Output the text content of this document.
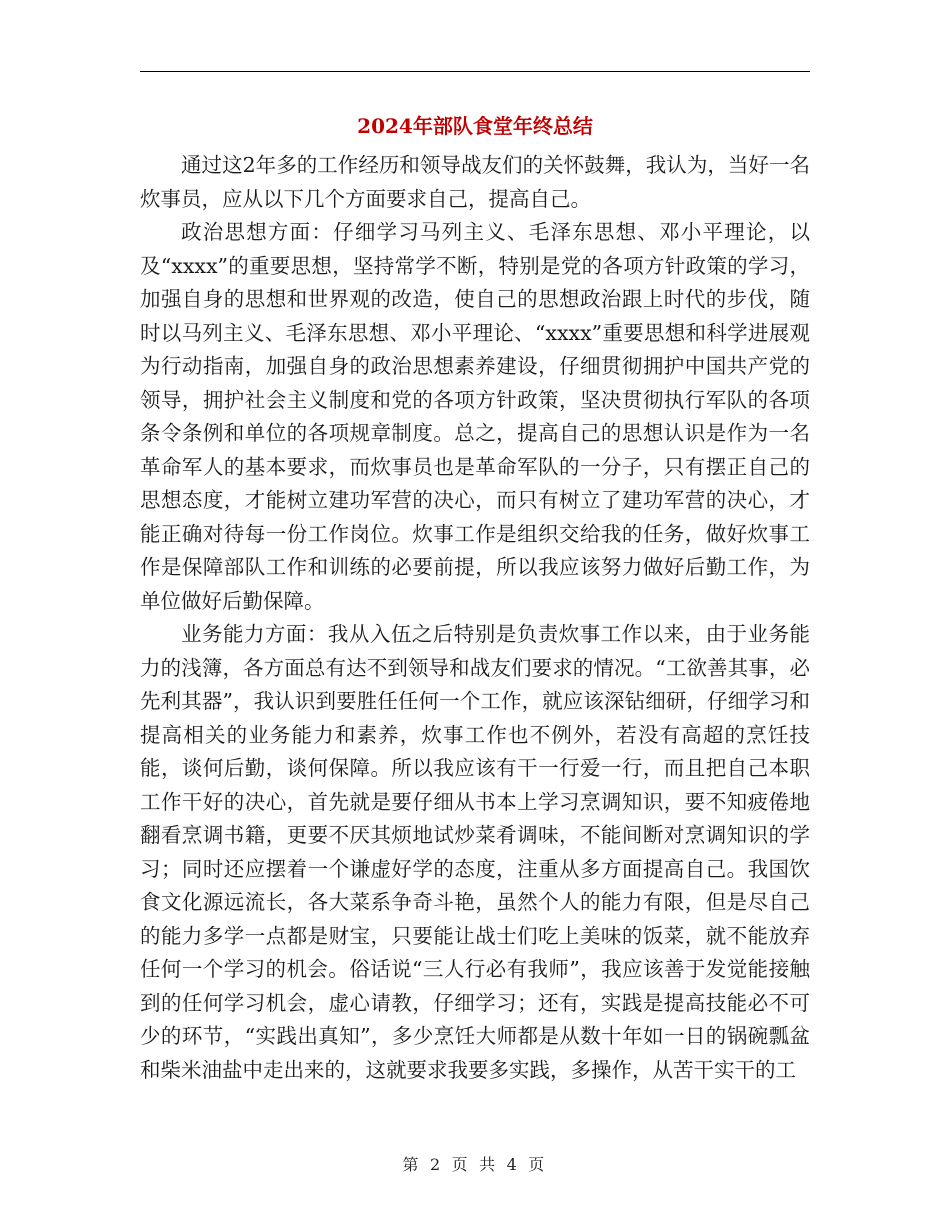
2024年部队食堂年终总结

通过这2年多的工作经历和领导战友们的关怀鼓舞，我认为，当好一名炊事员，应从以下几个方面要求自己，提高自己。

政治思想方面：仔细学习马列主义、毛泽东思想、邓小平理论，以及“xxxx”的重要思想，坚持常学不断，特别是党的各项方针政策的学习，加强自身的思想和世界观的改造，使自己的思想政治跟上时代的步伐，随时以马列主义、毛泽东思想、邓小平理论、“xxxx”重要思想和科学进展观为行动指南，加强自身的政治思想素养建设，仔细贯彻拥护中国共产党的领导，拥护社会主义制度和党的各项方针政策，坚决贯彻执行军队的各项条令条例和单位的各项规章制度。总之，提高自己的思想认识是作为一名革命军人的基本要求，而炊事员也是革命军队的一分子，只有摆正自己的思想态度，才能树立建功军营的决心，而只有树立了建功军营的决心，才能正确对待每一份工作岗位。炊事工作是组织交给我的任务，做好炊事工作是保障部队工作和训练的必要前提，所以我应该努力做好后勤工作，为单位做好后勤保障。

业务能力方面：我从入伍之后特别是负责炊事工作以来，由于业务能力的浅簿，各方面总有达不到领导和战友们要求的情况。“工欲善其事，必先利其器”，我认识到要胜任任何一个工作，就应该深钻细研，仔细学习和提高相关的业务能力和素养，炊事工作也不例外，若没有高超的烹饪技能，谈何后勤，谈何保障。所以我应该有干一行爱一行，而且把自己本职工作干好的决心，首先就是要仔细从书本上学习烹调知识，要不知疲倦地翻看烹调书籍，更要不厌其烦地试炒菜肴调味，不能间断对烹调知识的学习；同时还应摆着一个谦虚好学的态度，注重从多方面提高自己。我国饮食文化源远流长，各大菜系争奇斗艳，虽然个人的能力有限，但是尽自己的能力多学一点都是财宝，只要能让战士们吃上美味的饭菜，就不能放弃任何一个学习的机会。俗话说“三人行必有我师”，我应该善于发觉能接触到的任何学习机会，虚心请教，仔细学习；还有，实践是提高技能必不可少的环节，“实践出真知”，多少烹饪大师都是从数十年如一日的锅碗瓢盆和柴米油盐中走出来的，这就要求我要多实践，多操作，从苦干实干的工

第 2 页 共 4 页
